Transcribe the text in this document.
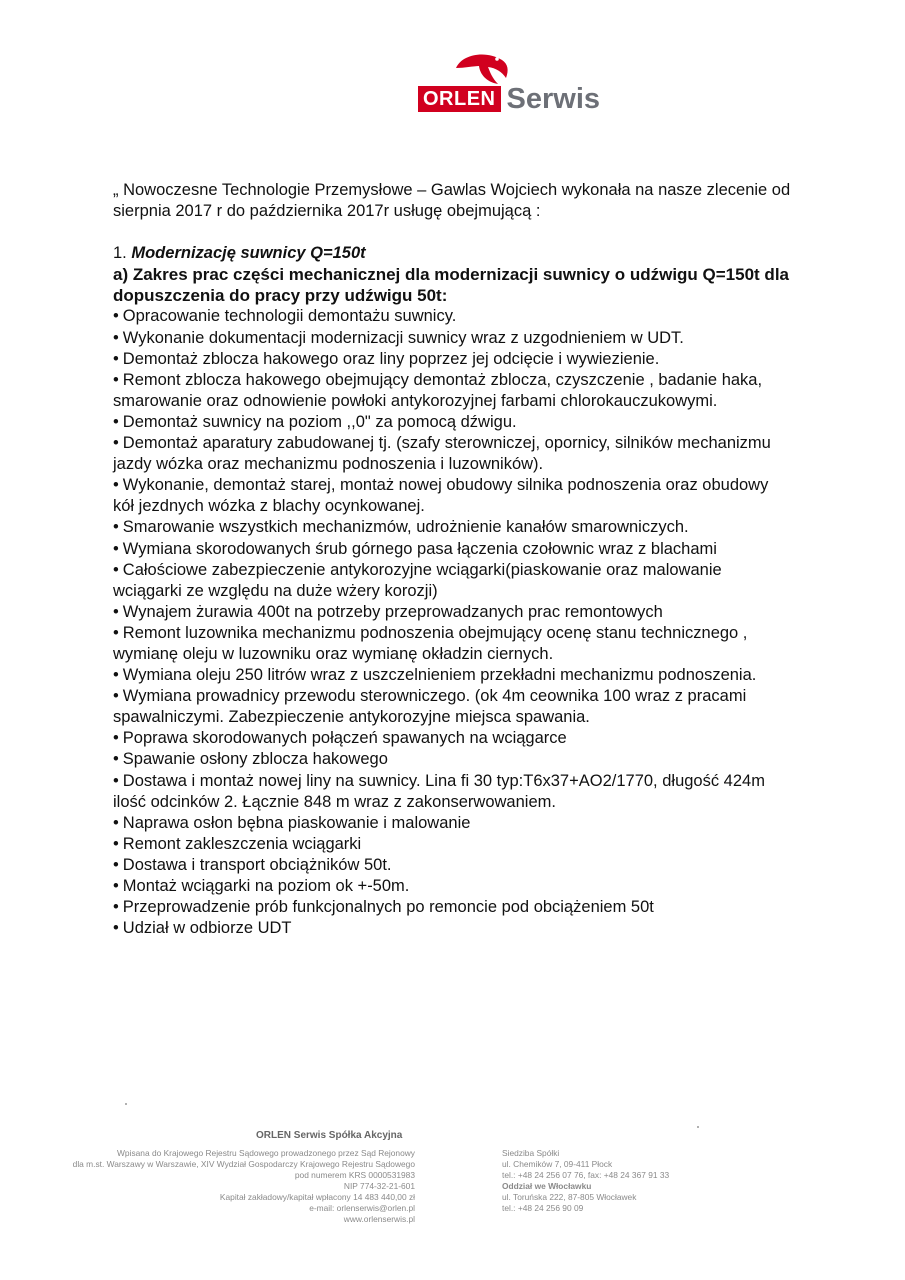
ORLEN Serwis

„ Nowoczesne Technologie Przemysłowe – Gawlas Wojciech wykonała na nasze zlecenie od sierpnia 2017 r do października 2017r usługę obejmującą :

1. Modernizację suwnicy Q=150t

a) Zakres prac części mechanicznej dla modernizacji suwnicy o udźwigu Q=150t dla dopuszczenia do pracy przy udźwigu 50t:

• Opracowanie technologii demontażu suwnicy.
• Wykonanie dokumentacji modernizacji suwnicy wraz z uzgodnieniem w UDT.
• Demontaż zblocza hakowego oraz liny poprzez jej odcięcie i wywiezienie.
• Remont zblocza hakowego obejmujący demontaż zblocza, czyszczenie , badanie haka,

smarowanie oraz odnowienie powłoki antykorozyjnej farbami chlorokauczukowymi.

• Demontaż suwnicy na poziom ,,0" za pomocą dźwigu.
• Demontaż aparatury zabudowanej tj. (szafy sterowniczej, opornicy, silników mechanizmu

jazdy wózka oraz mechanizmu podnoszenia i luzowników).

• Wykonanie, demontaż starej, montaż nowej obudowy silnika podnoszenia oraz obudowy

kół jezdnych wózka z blachy ocynkowanej.

• Smarowanie wszystkich mechanizmów, udrożnienie kanałów smarowniczych.
• Wymiana skorodowanych śrub górnego pasa łączenia czołownic wraz z blachami
• Całościowe zabezpieczenie antykorozyjne wciągarki(piaskowanie oraz malowanie

wciągarki ze względu na duże wżery korozji)

• Wynajem żurawia 400t na potrzeby przeprowadzanych prac remontowych
• Remont luzownika mechanizmu podnoszenia obejmujący ocenę stanu technicznego ,

wymianę oleju w luzowniku oraz wymianę okładzin ciernych.

• Wymiana oleju 250 litrów wraz z uszczelnieniem przekładni mechanizmu podnoszenia.
• Wymiana prowadnicy przewodu sterowniczego. (ok 4m ceownika 100 wraz z pracami

spawalniczymi. Zabezpieczenie antykorozyjne miejsca spawania.

• Poprawa skorodowanych połączeń spawanych na wciągarce
• Spawanie osłony zblocza hakowego
• Dostawa i montaż nowej liny na suwnicy. Lina fi 30 typ:T6x37+AO2/1770, długość 424m

ilość odcinków 2. Łącznie 848 m wraz z zakonserwowaniem.

• Naprawa osłon bębna piaskowanie i malowanie
• Remont zakleszczenia wciągarki
• Dostawa i transport obciążników 50t.
• Montaż wciągarki na poziom ok +-50m.
• Przeprowadzenie prób funkcjonalnych po remoncie pod obciążeniem 50t
• Udział w odbiorze UDT
ORLEN Serwis Spółka Akcyjna
Wpisana do Krajowego Rejestru Sądowego prowadzonego przez Sąd Rejonowy
dla m.st. Warszawy w Warszawie, XIV Wydział Gospodarczy Krajowego Rejestru Sądowego
pod numerem KRS 0000531983
NIP 774-32-21-601
Kapitał zakładowy/kapitał wpłacony 14 483 440,00 zł
e-mail: orlenserwis@orlen.pl
www.orlenserwis.pl
Siedziba Spółki
ul. Chemików 7, 09-411 Płock
tel.: +48 24 256 07 76, fax: +48 24 367 91 33
Oddział we Włocławku
ul. Toruńska 222, 87-805 Włocławek
tel.: +48 24 256 90 09
